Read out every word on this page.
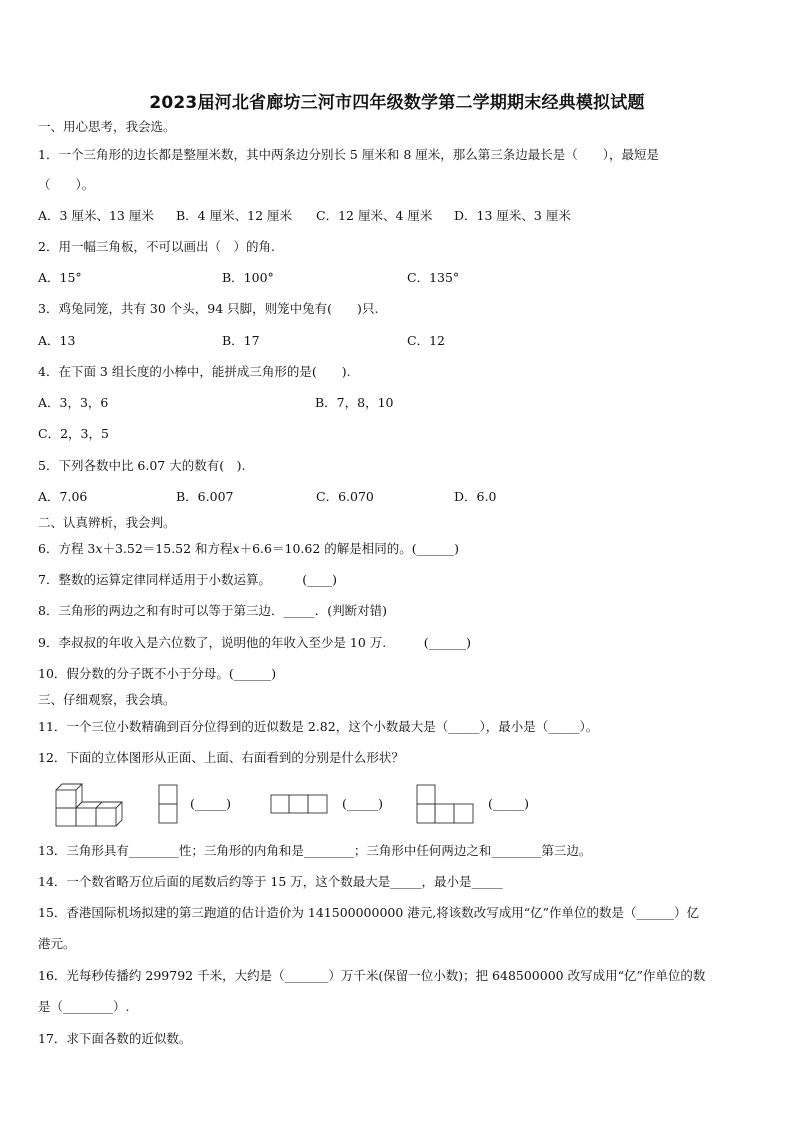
2023届河北省廊坊三河市四年级数学第二学期期末经典模拟试题
一、用心思考，我会选。
1．一个三角形的边长都是整厘米数，其中两条边分别长 5 厘米和 8 厘米，那么第三条边最长是（　　），最短是
（　　）。
A．3 厘米、13 厘米 B．4 厘米、12 厘米 C．12 厘米、4 厘米 D．13 厘米、3 厘米
2．用一幅三角板，不可以画出（　）的角.
A．15°	B．100°	C．135°
3．鸡兔同笼，共有 30 个头，94 只脚，则笼中兔有(　　)只.
A．13	B．17	C．12
4．在下面 3 组长度的小棒中，能拼成三角形的是(　　).
A．3，3，6	B．7，8，10
C．2，3，5
5．下列各数中比 6.07 大的数有(　).
A．7.06	B．6.007	C．6.070	D．6.0
二、认真辨析，我会判。
6．方程 3x＋3.52＝15.52 和方程x＋6.6＝10.62 的解是相同的。(______)
7．整数的运算定律同样适用于小数运算。　　　(____)
8．三角形的两边之和有时可以等于第三边．_____．(判断对错)
9．李叔叔的年收入是六位数了，说明他的年收入至少是 10 万.　　　(______)
10．假分数的分子既不小于分母。(______)
三、仔细观察，我会填。
11．一个三位小数精确到百分位得到的近似数是 2.82，这个小数最大是（_____），最小是（_____）。
12．下面的立体图形从正面、上面、右面看到的分别是什么形状？
(_____)	(_____)	(_____)
13．三角形具有________性；三角形的内角和是________；三角形中任何两边之和________第三边。
14．一个数省略万位后面的尾数后约等于 15 万，这个数最大是_____，最小是_____
15．香港国际机场拟建的第三跑道的估计造价为 141500000000 港元,将该数改写成用“亿”作单位的数是（______）亿
港元。
16．光每秒传播约 299792 千米，大约是（_______）万千米(保留一位小数)；把 648500000 改写成用“亿”作单位的数
是（________）.
17．求下面各数的近似数。
